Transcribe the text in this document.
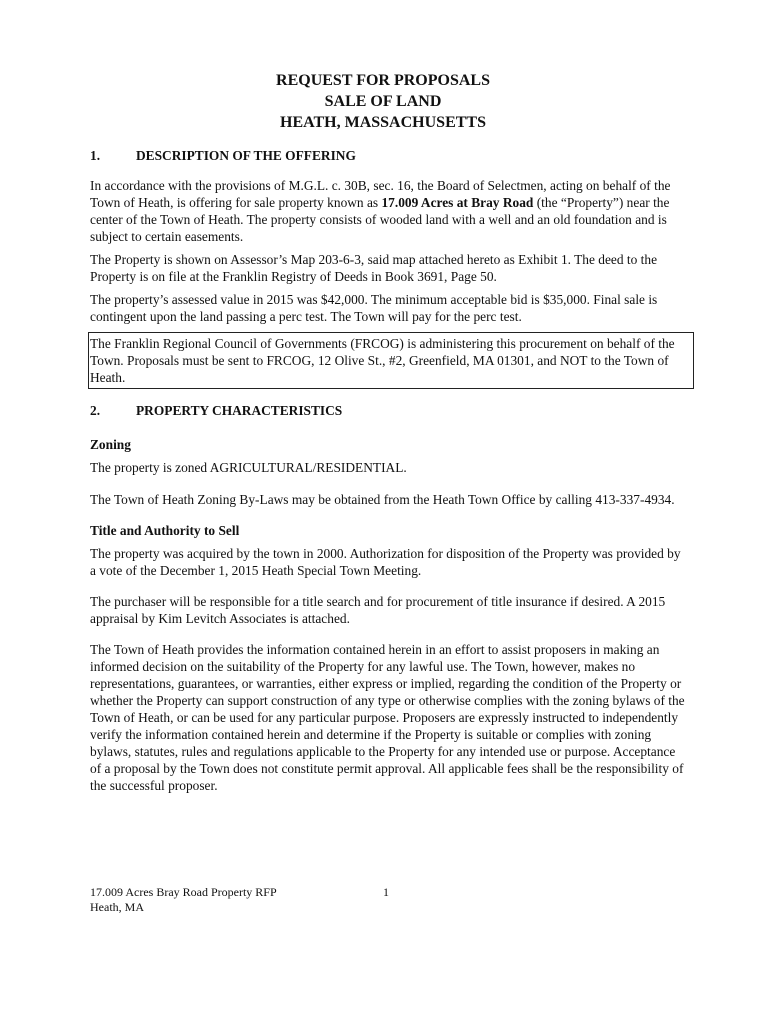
REQUEST FOR PROPOSALS
SALE OF LAND
HEATH, MASSACHUSETTS
1.	DESCRIPTION OF THE OFFERING

In accordance with the provisions of M.G.L. c. 30B, sec. 16, the Board of Selectmen, acting on behalf of the Town of Heath, is offering for sale property known as 17.009 Acres at Bray Road (the “Property”) near the center of the Town of Heath. The property consists of wooded land with a well and an old foundation and is subject to certain easements.

The Property is shown on Assessor’s Map 203-6-3, said map attached hereto as Exhibit 1. The deed to the Property is on file at the Franklin Registry of Deeds in Book 3691, Page 50.

The property’s assessed value in 2015 was $42,000. The minimum acceptable bid is $35,000. Final sale is contingent upon the land passing a perc test. The Town will pay for the perc test.

The Franklin Regional Council of Governments (FRCOG) is administering this procurement on behalf of the Town. Proposals must be sent to FRCOG, 12 Olive St., #2, Greenfield, MA 01301, and NOT to the Town of Heath.

2.	PROPERTY CHARACTERISTICS

Zoning

The property is zoned AGRICULTURAL/RESIDENTIAL.

The Town of Heath Zoning By-Laws may be obtained from the Heath Town Office by calling 413-337-4934.

Title and Authority to Sell

The property was acquired by the town in 2000. Authorization for disposition of the Property was provided by a vote of the December 1, 2015 Heath Special Town Meeting.

The purchaser will be responsible for a title search and for procurement of title insurance if desired. A 2015 appraisal by Kim Levitch Associates is attached.

The Town of Heath provides the information contained herein in an effort to assist proposers in making an informed decision on the suitability of the Property for any lawful use. The Town, however, makes no representations, guarantees, or warranties, either express or implied, regarding the condition of the Property or whether the Property can support construction of any type or otherwise complies with the zoning bylaws of the Town of Heath, or can be used for any particular purpose. Proposers are expressly instructed to independently verify the information contained herein and determine if the Property is suitable or complies with zoning bylaws, statutes, rules and regulations applicable to the Property for any intended use or purpose. Acceptance of a proposal by the Town does not constitute permit approval. All applicable fees shall be the responsibility of the successful proposer.

17.009 Acres Bray Road Property RFP
Heath, MA
1
